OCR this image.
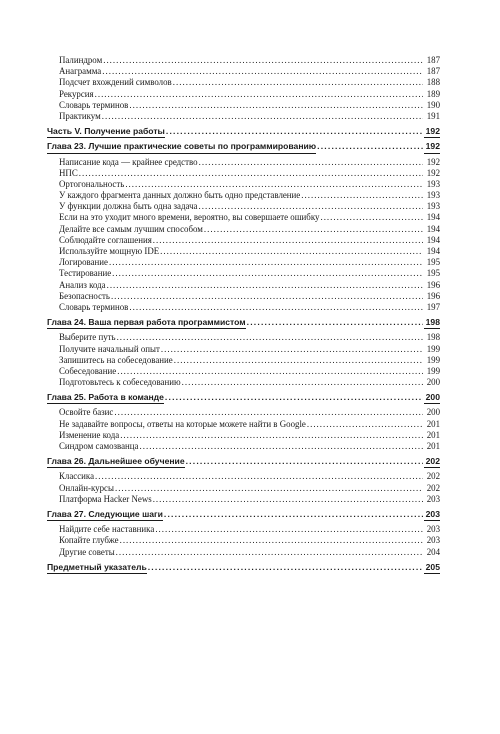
Палиндром . . .	187
Анаграмма . . .	187
Подсчет вхождений символов . . .	188
Рекурсия . . .	189
Словарь терминов . . .	190
Практикум . . .	191
Часть V. Получение работы . . .	192
Глава 23. Лучшие практические советы по программированию . . .	192
Написание кода — крайнее средство . . .	192
НПС . . .	192
Ортогональность . . .	193
У каждого фрагмента данных должно быть одно представление . . .	193
У функции должна быть одна задача . . .	193
Если на это уходит много времени, вероятно, вы совершаете ошибку . . .	194
Делайте все самым лучшим способом . . .	194
Соблюдайте соглашения . . .	194
Используйте мощную IDE . . .	194
Логирование . . .	195
Тестирование . . .	195
Анализ кода . . .	196
Безопасность . . .	196
Словарь терминов . . .	197
Глава 24. Ваша первая работа программистом . . .	198
Выберите путь . . .	198
Получите начальный опыт . . .	199
Запишитесь на собеседование . . .	199
Собеседование . . .	199
Подготовьтесь к собеседованию . . .	200
Глава 25. Работа в команде . . .	200
Освойте базис . . .	200
Не задавайте вопросы, ответы на которые можете найти в Google . . .	201
Изменение кода . . .	201
Синдром самозванца . . .	201
Глава 26. Дальнейшее обучение . . .	202
Классика . . .	202
Онлайн-курсы . . .	202
Платформа Hacker News . . .	203
Глава 27. Следующие шаги . . .	203
Найдите себе наставника . . .	203
Копайте глубже . . .	203
Другие советы . . .	204
Предметный указатель . . .	205
